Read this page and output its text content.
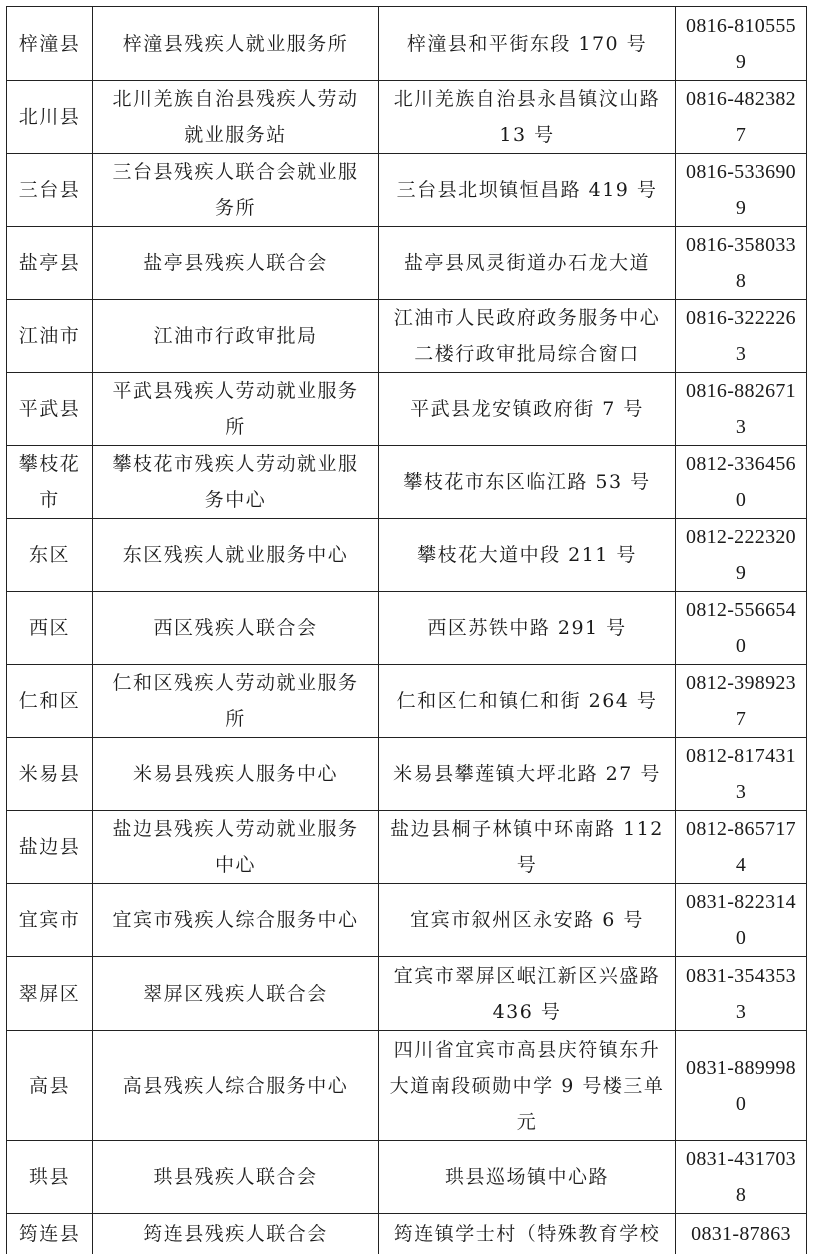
梓潼县	梓潼县残疾人就业服务所	梓潼县和平街东段 170 号	0816-8105559
北川县	北川羌族自治县残疾人劳动就业服务站	北川羌族自治县永昌镇汶山路 13 号	0816-4823827
三台县	三台县残疾人联合会就业服务所	三台县北坝镇恒昌路 419 号	0816-5336909
盐亭县	盐亭县残疾人联合会	盐亭县凤灵街道办石龙大道	0816-3580338
江油市	江油市行政审批局	江油市人民政府政务服务中心二楼行政审批局综合窗口	0816-3222263
平武县	平武县残疾人劳动就业服务所	平武县龙安镇政府街 7 号	0816-8826713
攀枝花市	攀枝花市残疾人劳动就业服务中心	攀枝花市东区临江路 53 号	0812-3364560
东区	东区残疾人就业服务中心	攀枝花大道中段 211 号	0812-2223209
西区	西区残疾人联合会	西区苏铁中路 291 号	0812-5566540
仁和区	仁和区残疾人劳动就业服务所	仁和区仁和镇仁和街 264 号	0812-3989237
米易县	米易县残疾人服务中心	米易县攀莲镇大坪北路 27 号	0812-8174313
盐边县	盐边县残疾人劳动就业服务中心	盐边县桐子林镇中环南路 112 号	0812-8657174
宜宾市	宜宾市残疾人综合服务中心	宜宾市叙州区永安路 6 号	0831-8223140
翠屏区	翠屏区残疾人联合会	宜宾市翠屏区岷江新区兴盛路 436 号	0831-3543533
高县	高县残疾人综合服务中心	四川省宜宾市高县庆符镇东升大道南段硕勋中学 9 号楼三单元	0831-8899980
珙县	珙县残疾人联合会	珙县巡场镇中心路	0831-4317038
筠连县	筠连县残疾人联合会	筠连镇学士村（特殊教育学校	0831-87863
